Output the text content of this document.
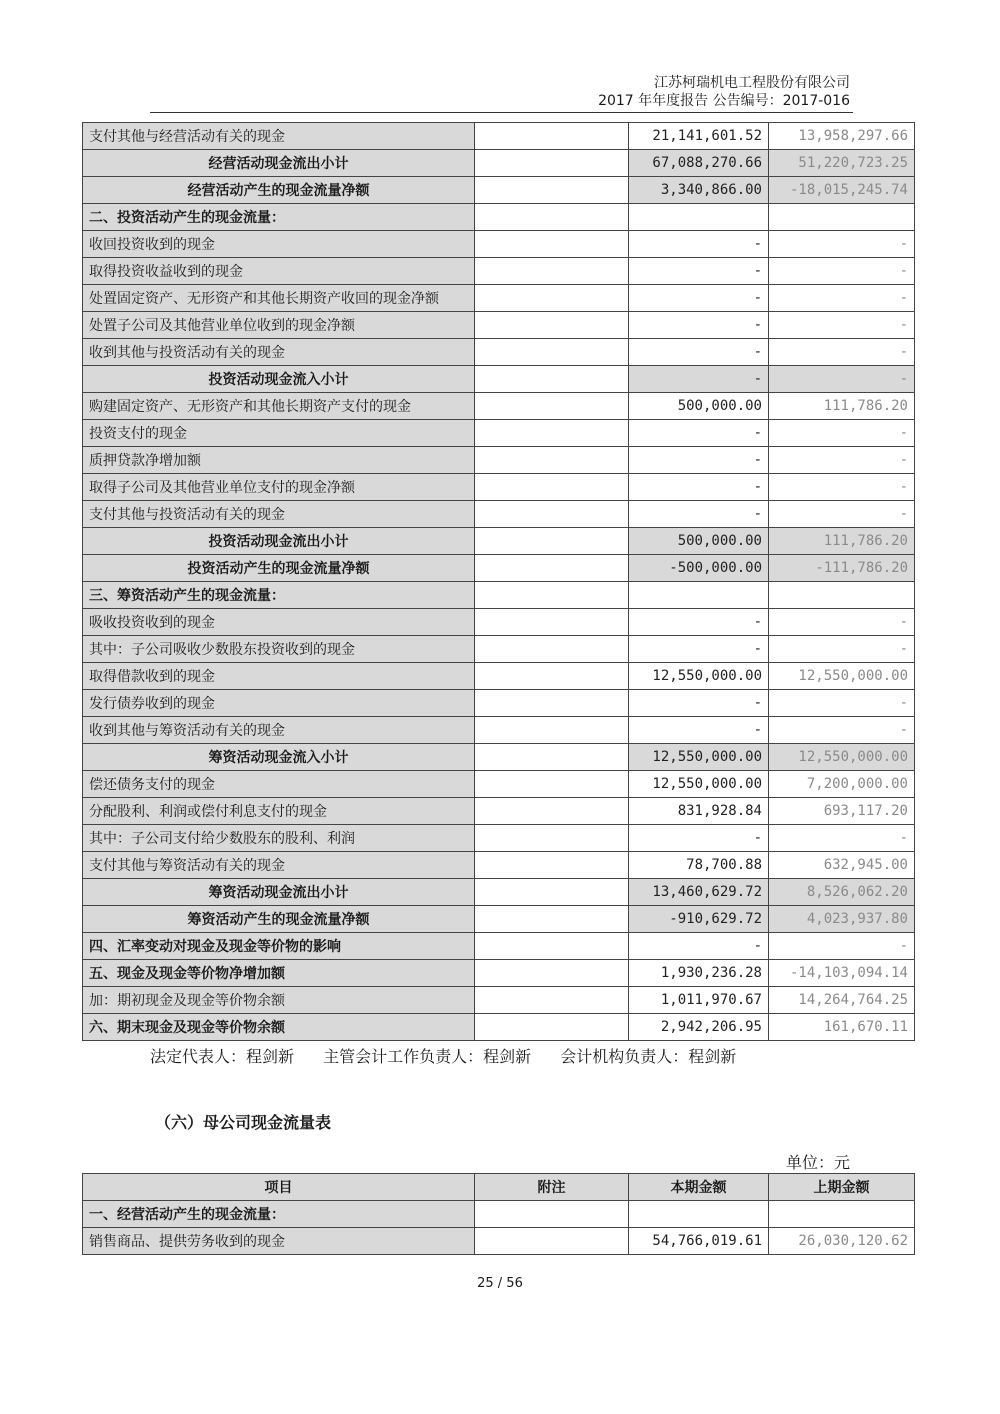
江苏柯瑞机电工程股份有限公司
2017 年年度报告 公告编号：2017-016
支付其他与经营活动有关的现金		21,141,601.52	13,958,297.66
经营活动现金流出小计		67,088,270.66	51,220,723.25
经营活动产生的现金流量净额		3,340,866.00	-18,015,245.74
二、投资活动产生的现金流量：			
收回投资收到的现金		-	-
取得投资收益收到的现金		-	-
处置固定资产、无形资产和其他长期资产收回的现金净额		-	-
处置子公司及其他营业单位收到的现金净额		-	-
收到其他与投资活动有关的现金		-	-
投资活动现金流入小计		-	-
购建固定资产、无形资产和其他长期资产支付的现金		500,000.00	111,786.20
投资支付的现金		-	-
质押贷款净增加额		-	-
取得子公司及其他营业单位支付的现金净额		-	-
支付其他与投资活动有关的现金		-	-
投资活动现金流出小计		500,000.00	111,786.20
投资活动产生的现金流量净额		-500,000.00	-111,786.20
三、筹资活动产生的现金流量：			
吸收投资收到的现金		-	-
其中：子公司吸收少数股东投资收到的现金		-	-
取得借款收到的现金		12,550,000.00	12,550,000.00
发行债券收到的现金		-	-
收到其他与筹资活动有关的现金		-	-
筹资活动现金流入小计		12,550,000.00	12,550,000.00
偿还债务支付的现金		12,550,000.00	7,200,000.00
分配股利、利润或偿付利息支付的现金		831,928.84	693,117.20
其中：子公司支付给少数股东的股利、利润		-	-
支付其他与筹资活动有关的现金		78,700.88	632,945.00
筹资活动现金流出小计		13,460,629.72	8,526,062.20
筹资活动产生的现金流量净额		-910,629.72	4,023,937.80
四、汇率变动对现金及现金等价物的影响		-	-
五、现金及现金等价物净增加额		1,930,236.28	-14,103,094.14
加：期初现金及现金等价物余额		1,011,970.67	14,264,764.25
六、期末现金及现金等价物余额		2,942,206.95	161,670.11
法定代表人：程剑新 主管会计工作负责人：程剑新 会计机构负责人：程剑新
（六）母公司现金流量表
单位：元
项目	附注	本期金额	上期金额
一、经营活动产生的现金流量：			
销售商品、提供劳务收到的现金		54,766,019.61	26,030,120.62
25 / 56
